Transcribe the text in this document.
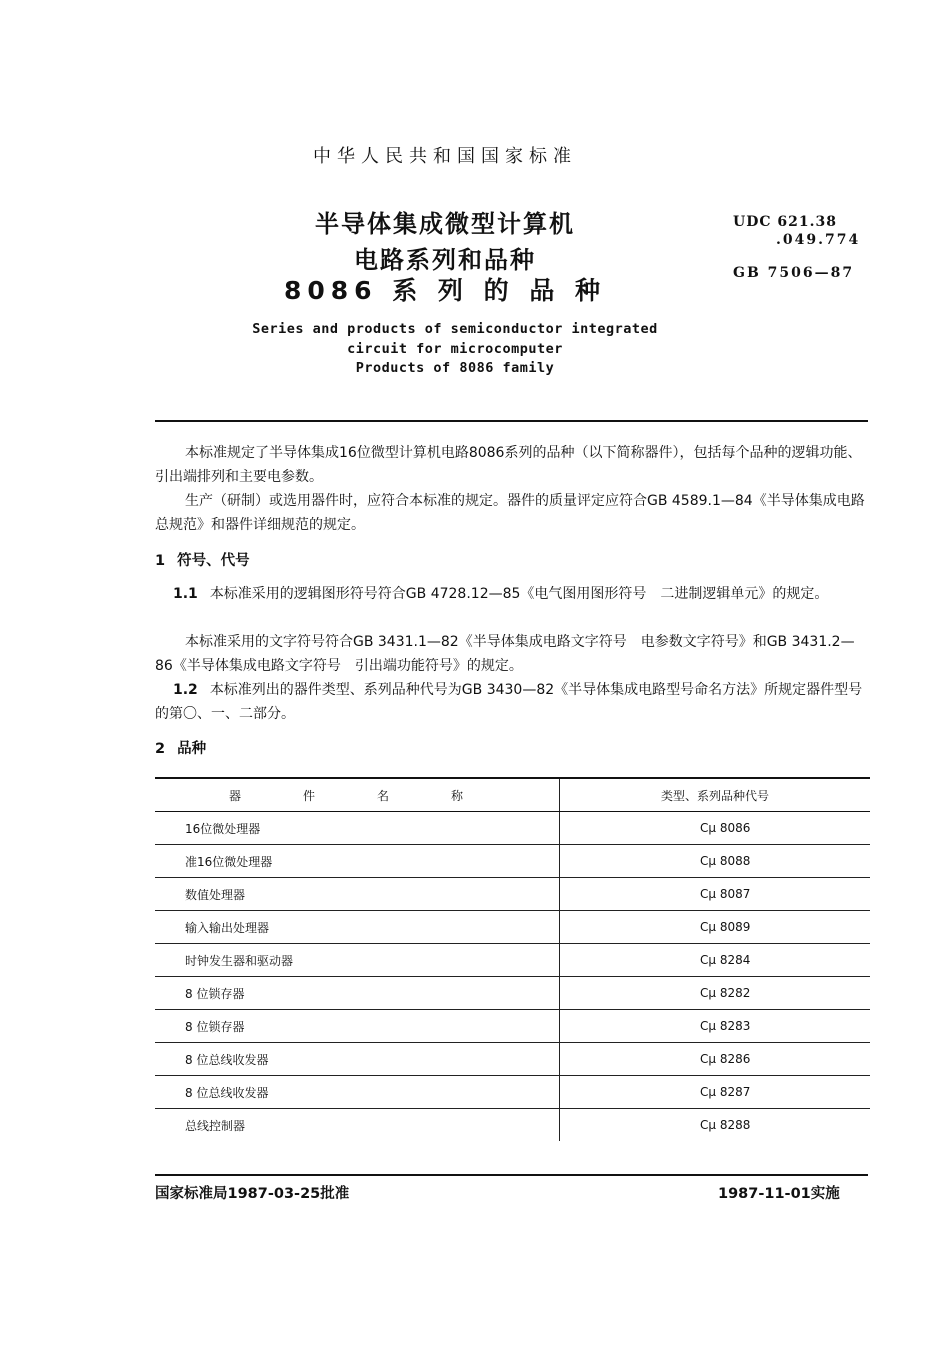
中华人民共和国国家标准
半导体集成微型计算机
电路系列和品种
8086 系 列 的 品 种
UDC 621.38
.049.774
GB 7506—87
Series and products of semiconductor integrated
circuit for microcomputer
Products of 8086 family
本标准规定了半导体集成16位微型计算机电路8086系列的品种（以下简称器件），包括每个品种的逻辑功能、引出端排列和主要电参数。
生产（研制）或选用器件时，应符合本标准的规定。器件的质量评定应符合GB 4589.1—84《半导体集成电路总规范》和器件详细规范的规定。
1 符号、代号
1.1 本标准采用的逻辑图形符号符合GB 4728.12—85《电气图用图形符号　二进制逻辑单元》的规定。
本标准采用的文字符号符合GB 3431.1—82《半导体集成电路文字符号　电参数文字符号》和GB 3431.2—86《半导体集成电路文字符号　引出端功能符号》的规定。
1.2 本标准列出的器件类型、系列品种代号为GB 3430—82《半导体集成电路型号命名方法》所规定器件型号的第〇、一、二部分。
2 品种
器件名称	类型、系列品种代号
16位微处理器	Cμ 8086
准16位微处理器	Cμ 8088
数值处理器	Cμ 8087
输入输出处理器	Cμ 8089
时钟发生器和驱动器	Cμ 8284
8 位锁存器	Cμ 8282
8 位锁存器	Cμ 8283
8 位总线收发器	Cμ 8286
8 位总线收发器	Cμ 8287
总线控制器	Cμ 8288
国家标准局1987-03-25批准	1987-11-01实施
